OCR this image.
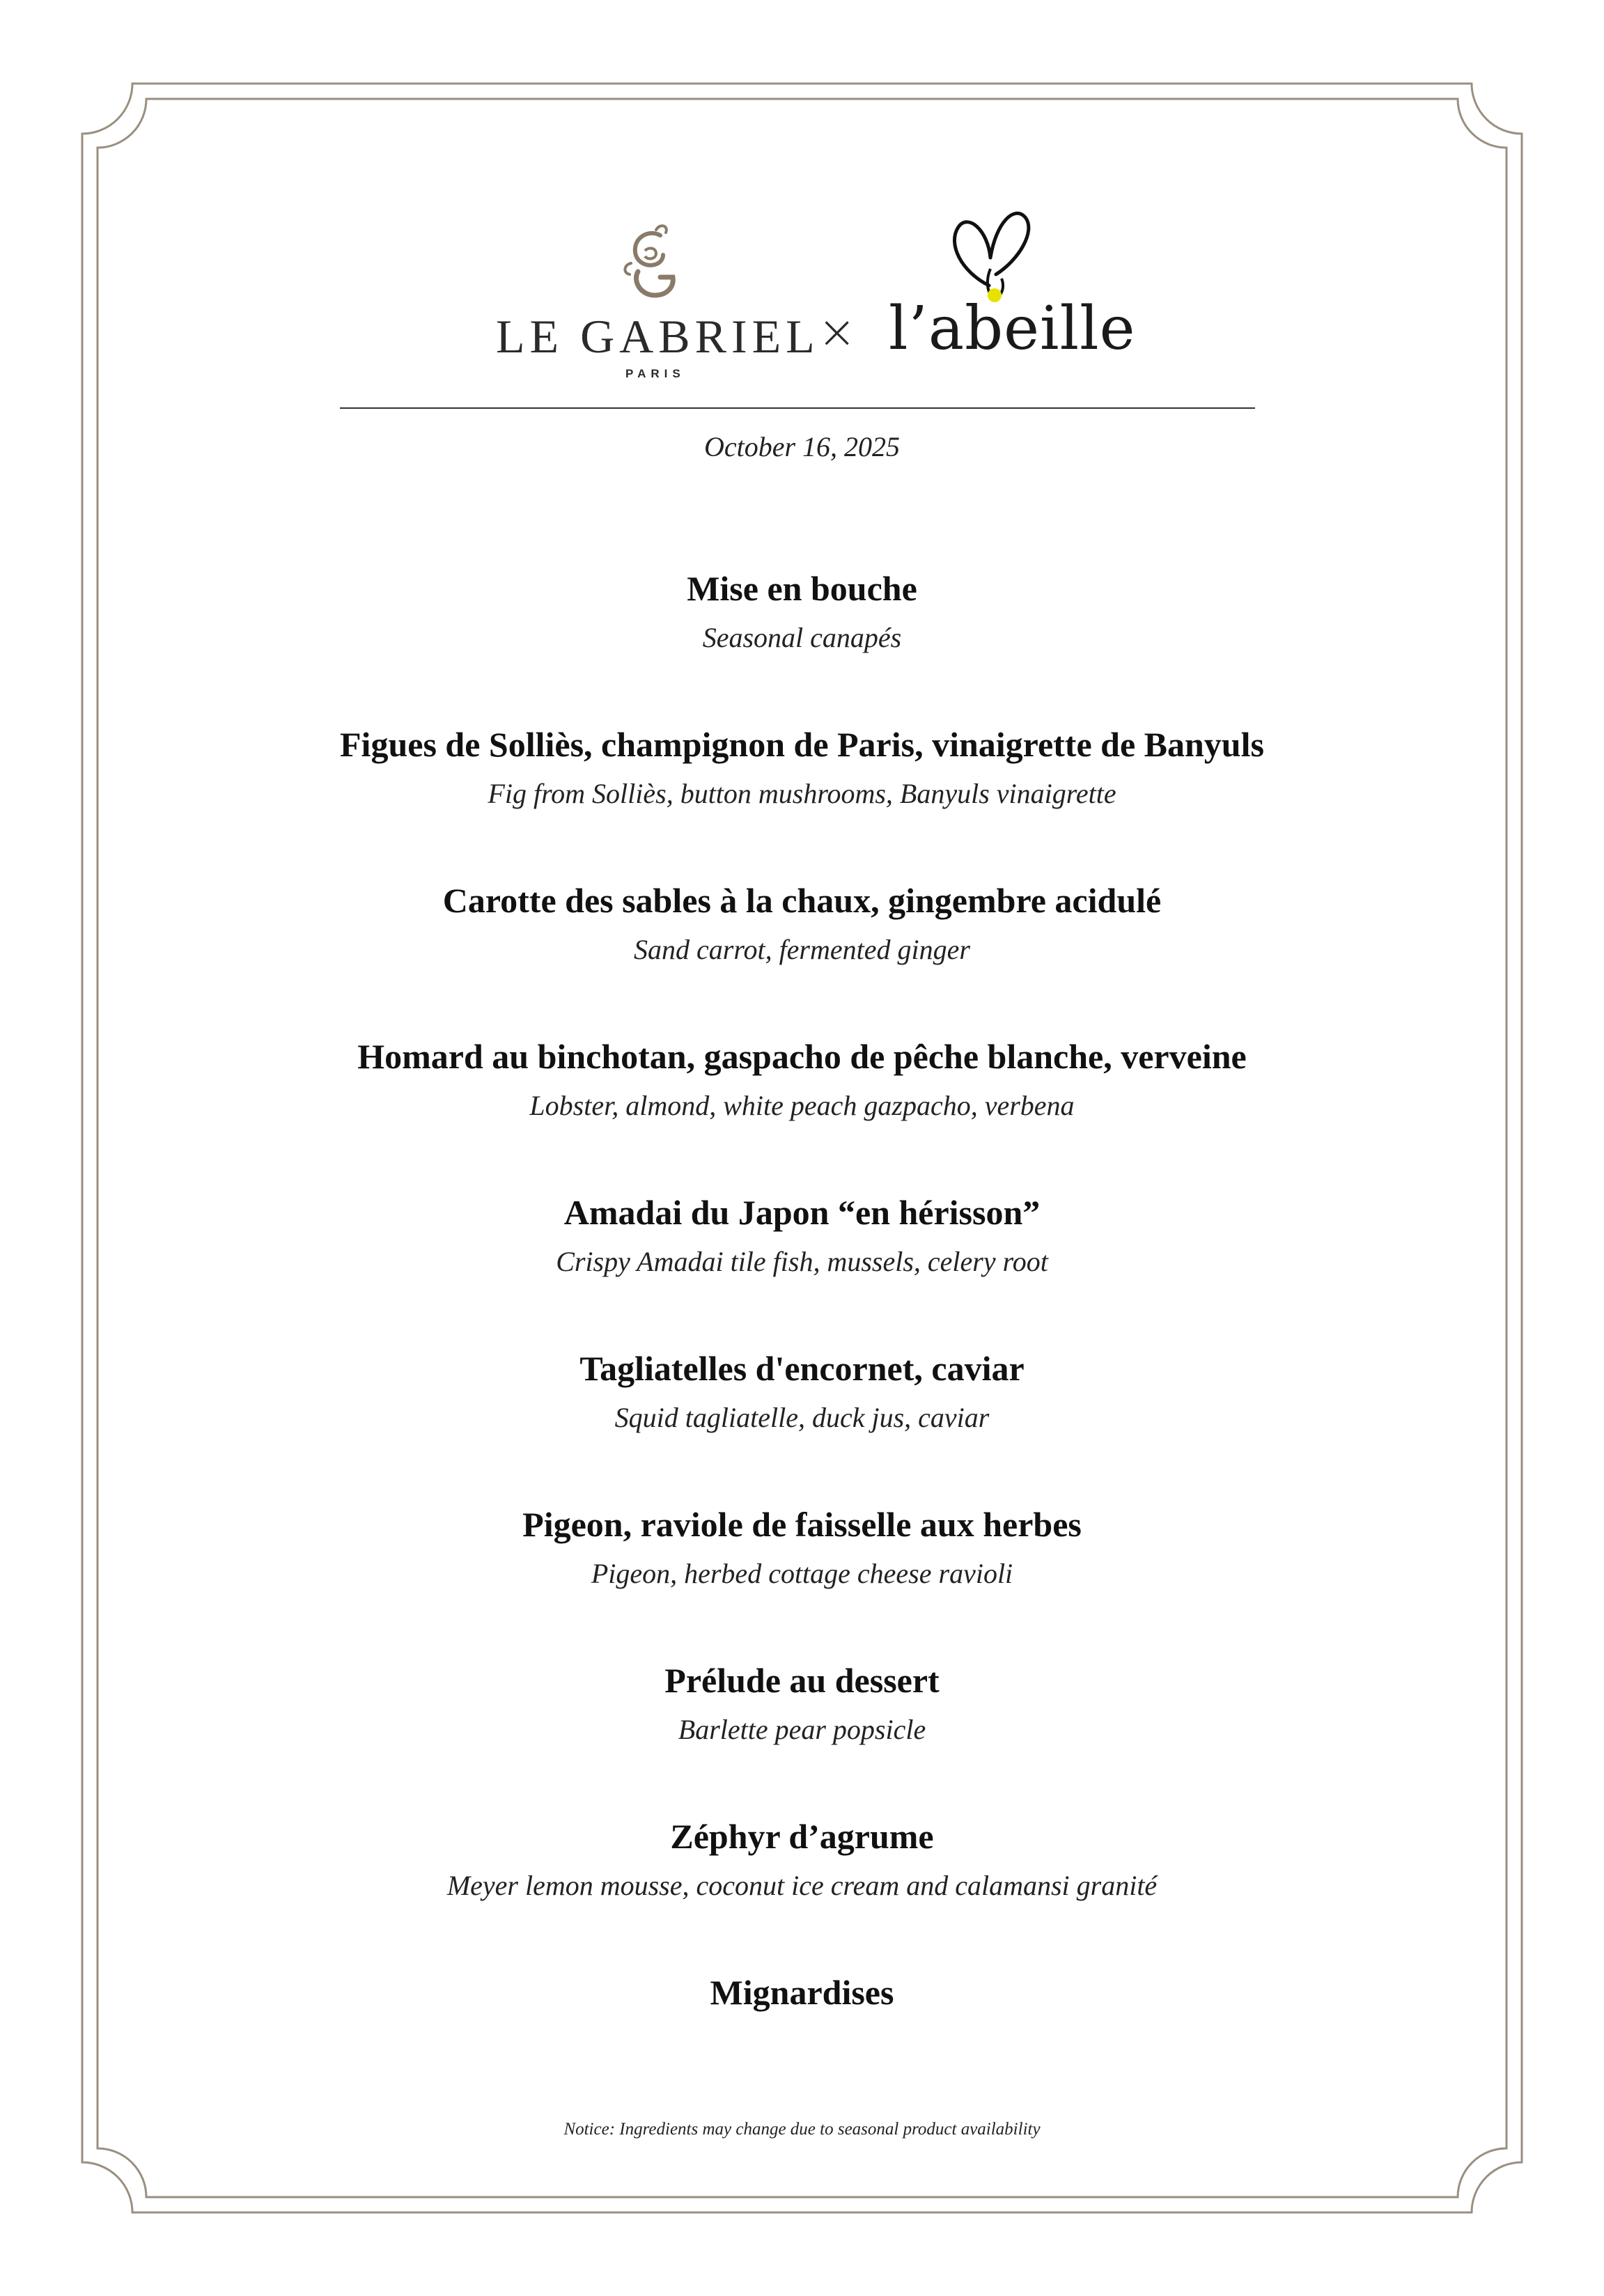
LE GABRIEL
PARIS
× l’abeille
October 16, 2025
Mise en bouche
Seasonal canapés
Figues de Solliès, champignon de Paris, vinaigrette de Banyuls
Fig from Solliès, button mushrooms, Banyuls vinaigrette
Carotte des sables à la chaux, gingembre acidulé
Sand carrot, fermented ginger
Homard au binchotan, gaspacho de pêche blanche, verveine
Lobster, almond, white peach gazpacho, verbena
Amadai du Japon “en hérisson”
Crispy Amadai tile fish, mussels, celery root
Tagliatelles d'encornet, caviar
Squid tagliatelle, duck jus, caviar
Pigeon, raviole de faisselle aux herbes
Pigeon, herbed cottage cheese ravioli
Prélude au dessert
Barlette pear popsicle
Zéphyr d’agrume
Meyer lemon mousse, coconut ice cream and calamansi granité
Mignardises
Notice: Ingredients may change due to seasonal product availability
